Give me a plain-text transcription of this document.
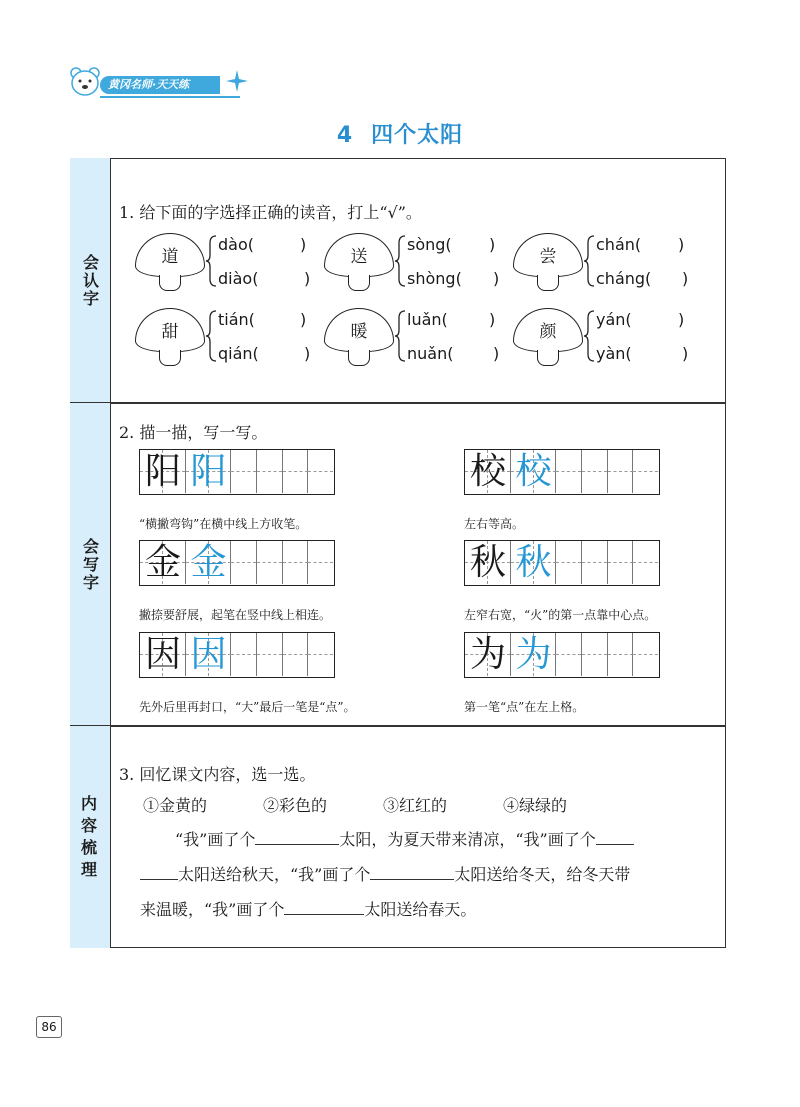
黄冈名师·天天练
4 四个太阳
会认字
会写字
内容梳理
1. 给下面的字选择正确的读音，打上“√”。
道
dào(	)
diào(	)
送
sòng( )
shòng( )
尝
chán( )
cháng( )
甜
tián(	)
qián(	)
暖
luǎn(	)
nuǎn( )
颜
yán(	)
yàn(	)
2. 描一描，写一写。
阳 阳
“横撇弯钩”在横中线上方收笔。
校 校
左右等高。
金 金
撇捺要舒展，起笔在竖中线上相连。
秋 秋
左窄右宽，“火”的第一点靠中心点。
因 因
先外后里再封口，“大”最后一笔是“点”。
为 为
第一笔“点”在左上格。
3. 回忆课文内容，选一选。
①金黄的	②彩色的	③红红的	④绿绿的
“我”画了个	太阳，为夏天带来清凉，“我”画了个
太阳送给秋天，“我”画了个	太阳送给冬天，给冬天带
来温暖，“我”画了个	太阳送给春天。
86
